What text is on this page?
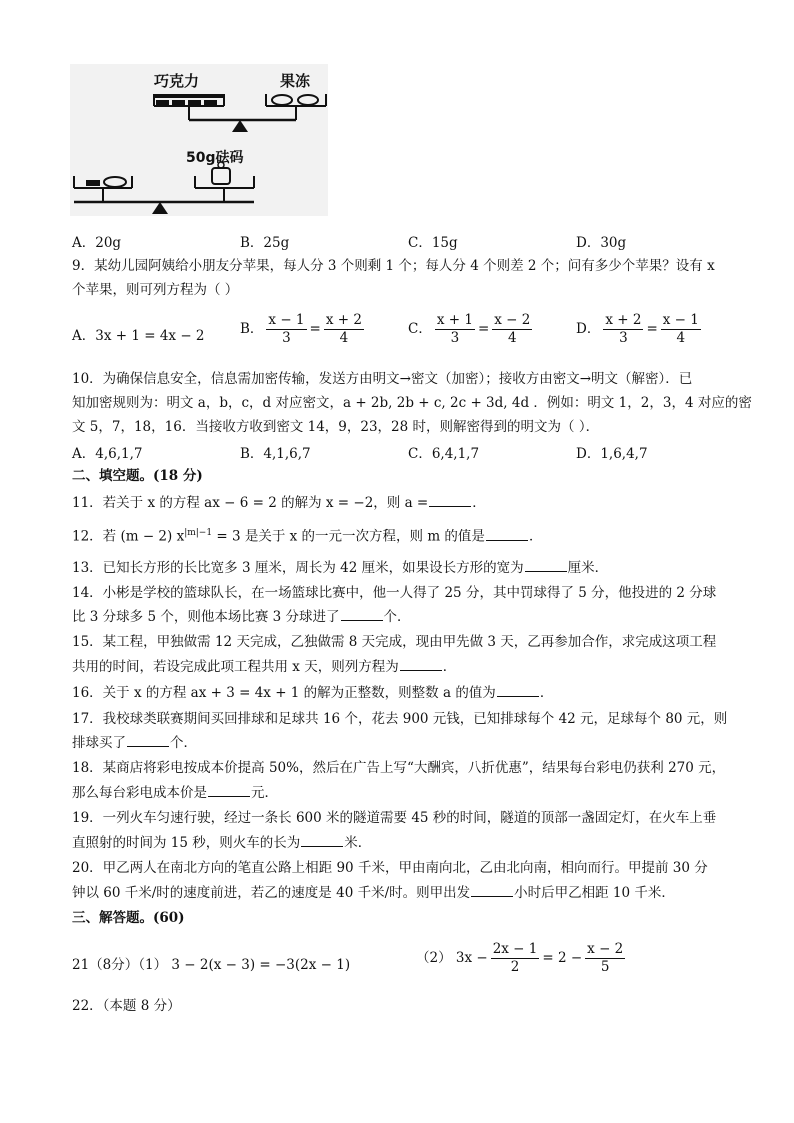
巧克力	果冻
50g砝码
A．20g	B．25g	C．15g	D．30g
9．某幼儿园阿姨给小朋友分苹果，每人分 3 个则剩 1 个；每人分 4 个则差 2 个；问有多少个苹果？设有 x
个苹果，则可列方程为（ ）
A．3x + 1 = 4x − 2	B． $\frac{x - 1}{3} = \frac{x + 2}{4}$	C． $\frac{x + 1}{3} = \frac{x - 2}{4}$	D． $\frac{x + 2}{3} = \frac{x - 1}{4}$
10．为确保信息安全，信息需加密传输，发送方由明文→密文（加密）；接收方由密文→明文（解密）．已
知加密规则为：明文 a，b，c，d 对应密文，a + 2b, 2b + c, 2c + 3d, 4d ．例如：明文 1，2，3，4 对应的密
文 5，7，18，16．当接收方收到密文 14，9，23，28 时，则解密得到的明文为（ ）．
A．4,6,1,7	B．4,1,6,7	C．6,4,1,7	D．1,6,4,7
二、填空题。(18 分)
11．若关于 x 的方程 ax − 6 = 2 的解为 x = −2，则 a =	．
12．若 (m − 2) $x^{|m|-1} = 3$ 是关于 x 的一元一次方程，则 m 的值是	．
13．已知长方形的长比宽多 3 厘米，周长为 42 厘米，如果设长方形的宽为	厘米．
14．小彬是学校的篮球队长，在一场篮球比赛中，他一人得了 25 分，其中罚球得了 5 分，他投进的 2 分球
比 3 分球多 5 个，则他本场比赛 3 分球进了	个．
15．某工程，甲独做需 12 天完成，乙独做需 8 天完成，现由甲先做 3 天，乙再参加合作，求完成这项工程
共用的时间，若设完成此项工程共用 x 天，则列方程为	．
16．关于 x 的方程 ax + 3 = 4x + 1 的解为正整数，则整数 a 的值为	．
17．我校球类联赛期间买回排球和足球共 16 个，花去 900 元钱，已知排球每个 42 元，足球每个 80 元，则
排球买了	个．
18．某商店将彩电按成本价提高 50%，然后在广告上写“大酬宾，八折优惠”，结果每台彩电仍获利 270 元，
那么每台彩电成本价是	元．
19．一列火车匀速行驶，经过一条长 600 米的隧道需要 45 秒的时间，隧道的顶部一盏固定灯，在火车上垂
直照射的时间为 15 秒，则火车的长为	米．
20．甲乙两人在南北方向的笔直公路上相距 90 千米，甲由南向北，乙由北向南，相向而行。甲提前 30 分
钟以 60 千米/时的速度前进，若乙的速度是 40 千米/时。则甲出发	小时后甲乙相距 10 千米．
三、解答题。(60)
21（8分）（1） 3 − 2(x − 3) = −3(2x − 1)	（2） $3x - \frac{2x - 1}{2} = 2 - \frac{x - 2}{5}$
22．（本题 8 分）
